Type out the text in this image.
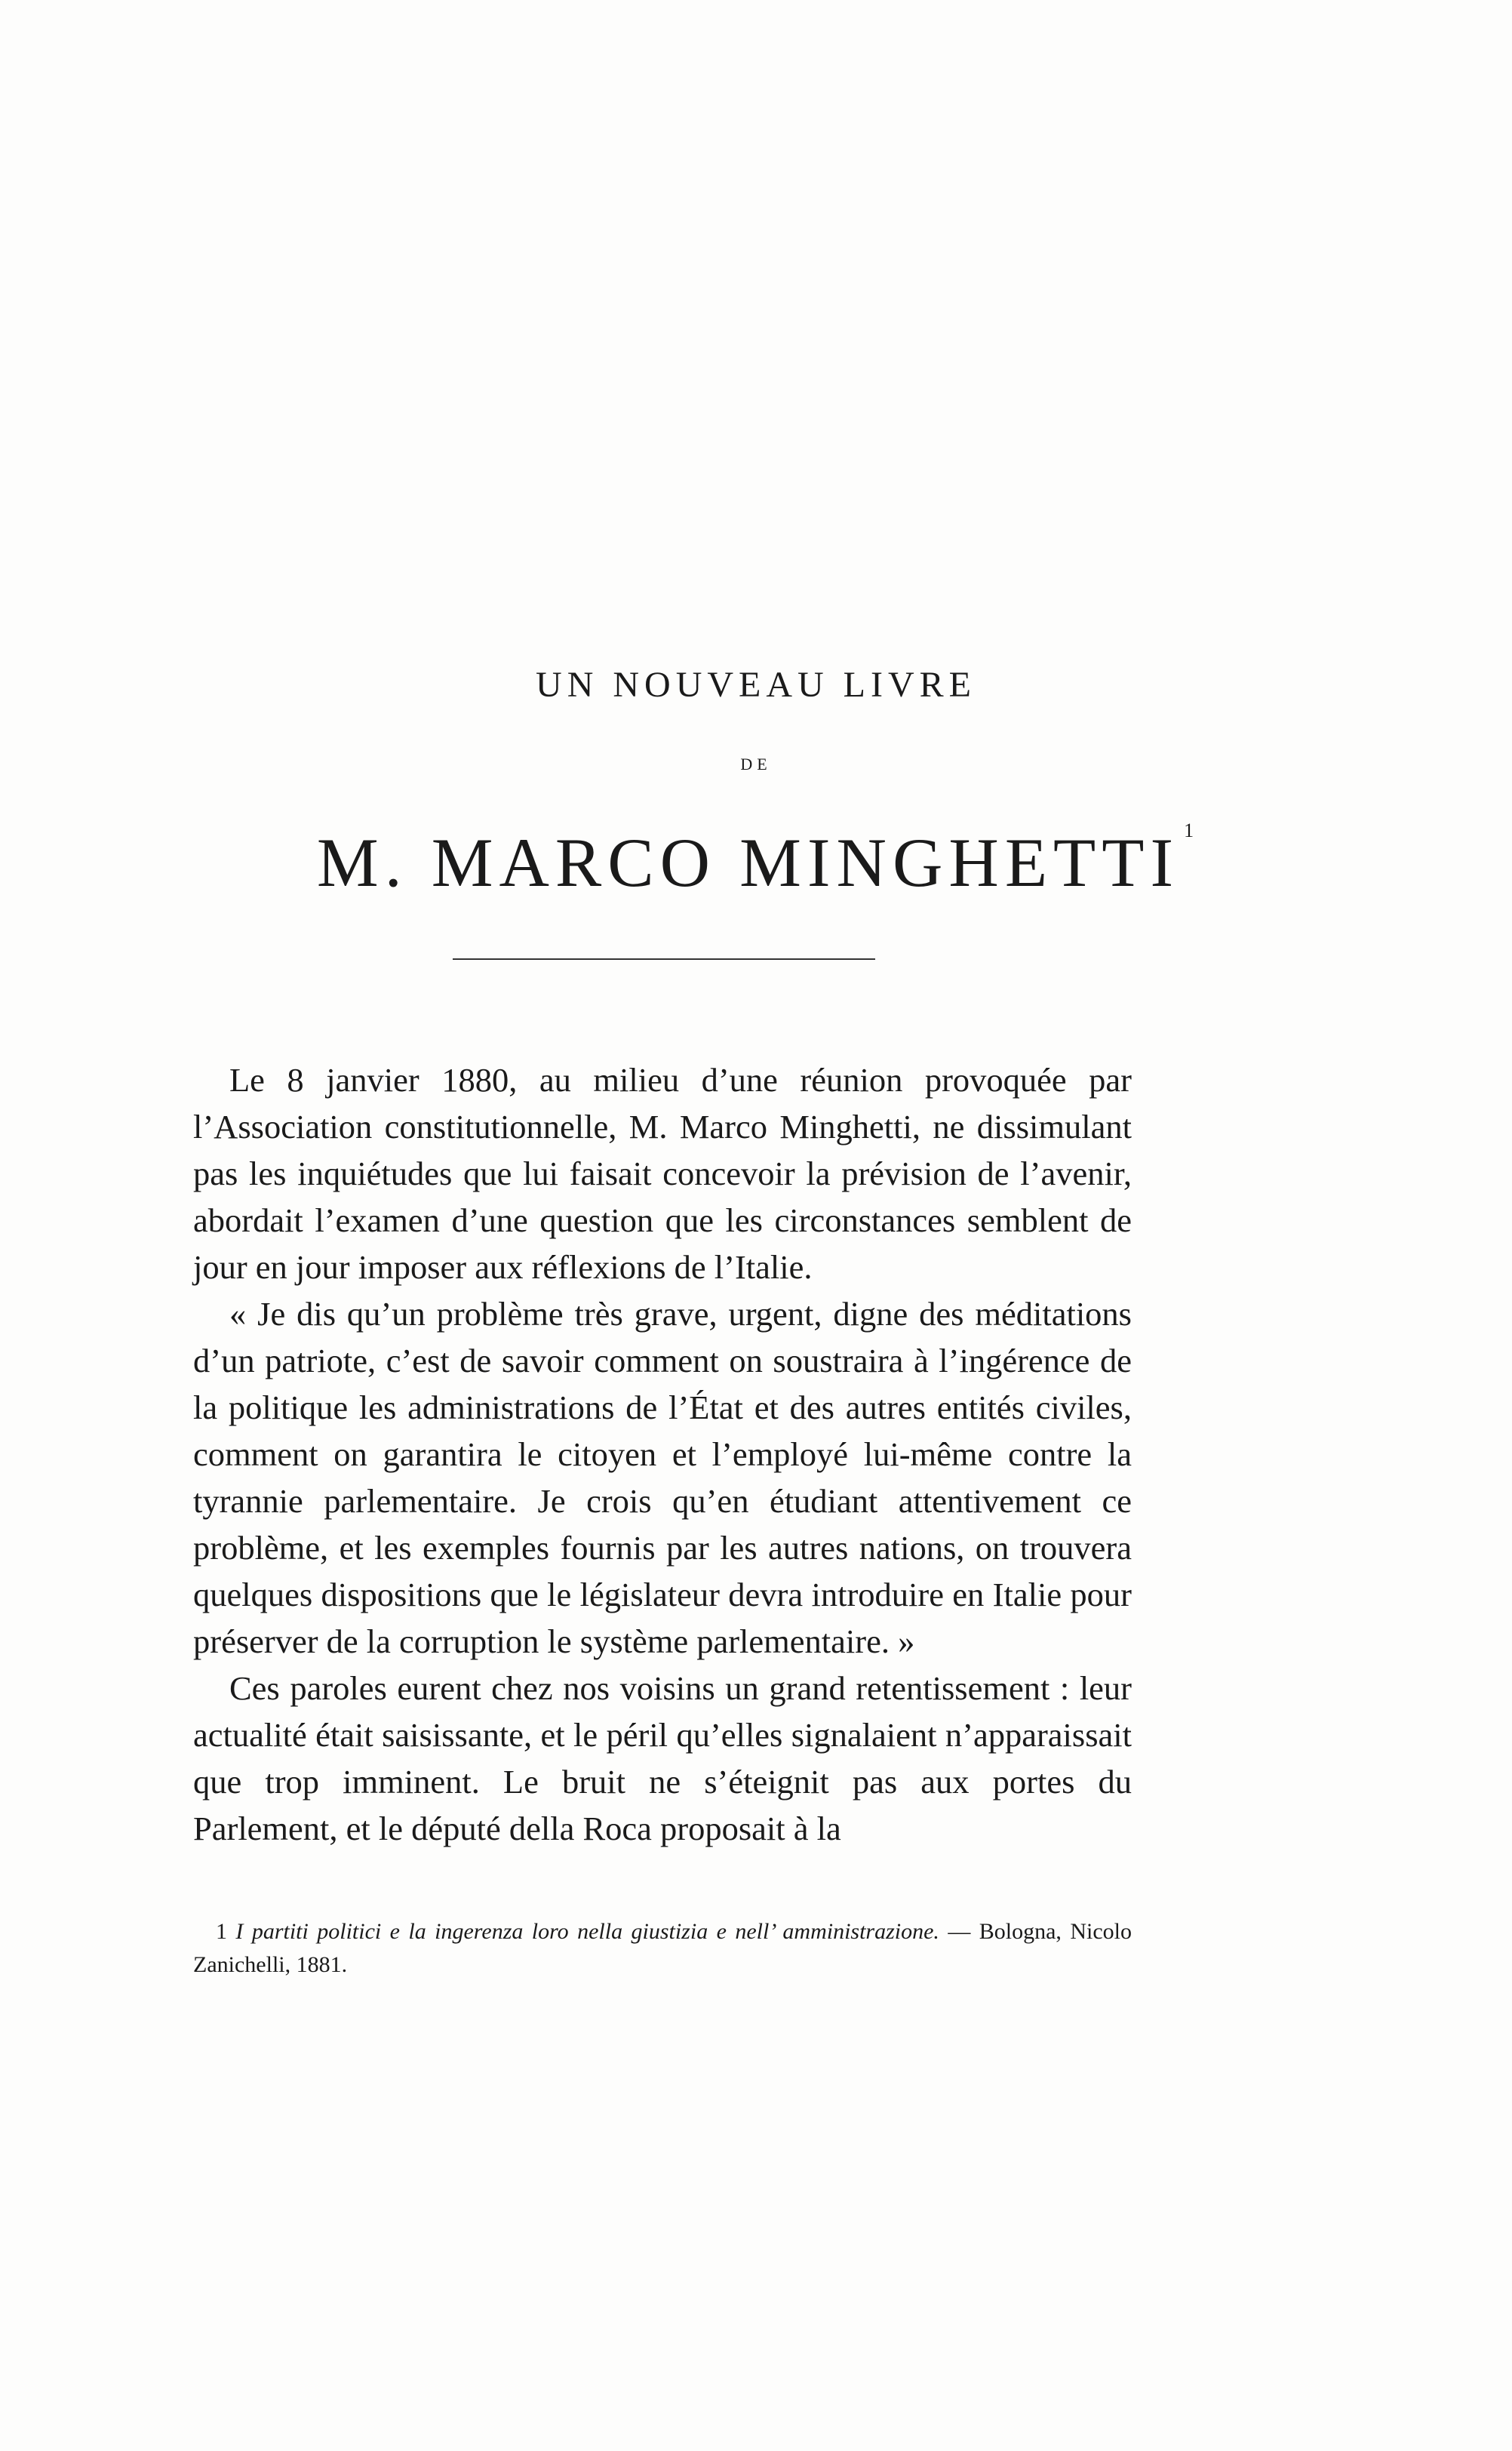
UN NOUVEAU LIVRE
DE
M. MARCO MINGHETTI $^1$

Le 8 janvier 1880, au milieu d’une réunion provoquée par l’Association constitutionnelle, M. Marco Minghetti, ne dissimulant pas les inquiétudes que lui faisait concevoir la prévision de l’avenir, abordait l’examen d’une question que les circonstances semblent de jour en jour imposer aux réflexions de l’Italie.

« Je dis qu’un problème très grave, urgent, digne des méditations d’un patriote, c’est de savoir comment on soustraira à l’ingérence de la politique les administrations de l’État et des autres entités civiles, comment on garantira le citoyen et l’employé lui-même contre la tyrannie parlementaire. Je crois qu’en étudiant attentivement ce problème, et les exemples fournis par les autres nations, on trouvera quelques dispositions que le législateur devra introduire en Italie pour préserver de la corruption le système parlementaire. »

Ces paroles eurent chez nos voisins un grand retentissement : leur actualité était saisissante, et le péril qu’elles signalaient n’apparaissait que trop imminent. Le bruit ne s’éteignit pas aux portes du Parlement, et le député della Roca proposait à la

1 I partiti politici e la ingerenza loro nella giustizia e nell’ amministrazione. — Bologna, Nicolo Zanichelli, 1881.
